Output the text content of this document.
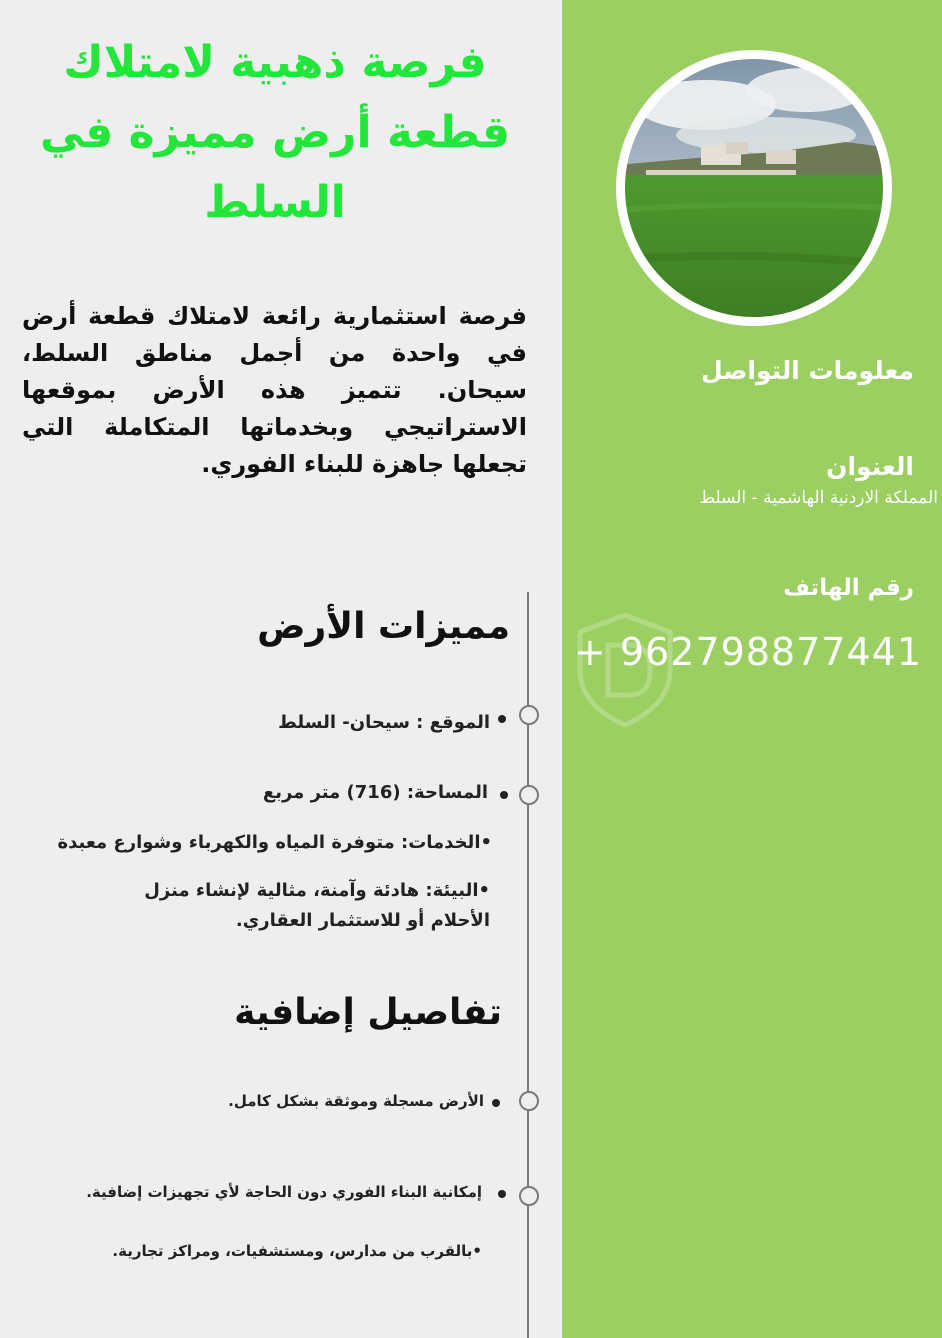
معلومات التواصل
العنوان
المملكة الاردنية الهاشمية - السلط
رقم الهاتف
+ 962798877441
فرصة ذهبية لامتلاك
قطعة أرض مميزة في
السلط
فرصة استثمارية رائعة لامتلاك قطعة أرض في واحدة من أجمل مناطق السلط، سيحان. تتميز هذه الأرض بموقعها الاستراتيجي وبخدماتها المتكاملة التي تجعلها جاهزة للبناء الفوري.
مميزات الأرض
الموقع : سيحان- السلط
المساحة: (716) متر مربع
•الخدمات: متوفرة المياه والكهرباء وشوارع معبدة
•البيئة: هادئة وآمنة، مثالية لإنشاء منزل الأحلام أو للاستثمار العقاري.
تفاصيل إضافية
الأرض مسجلة وموثقة بشكل كامل.
إمكانية البناء الفوري دون الحاجة لأي تجهيزات إضافية.
•بالقرب من مدارس، ومستشفيات، ومراكز تجارية.
